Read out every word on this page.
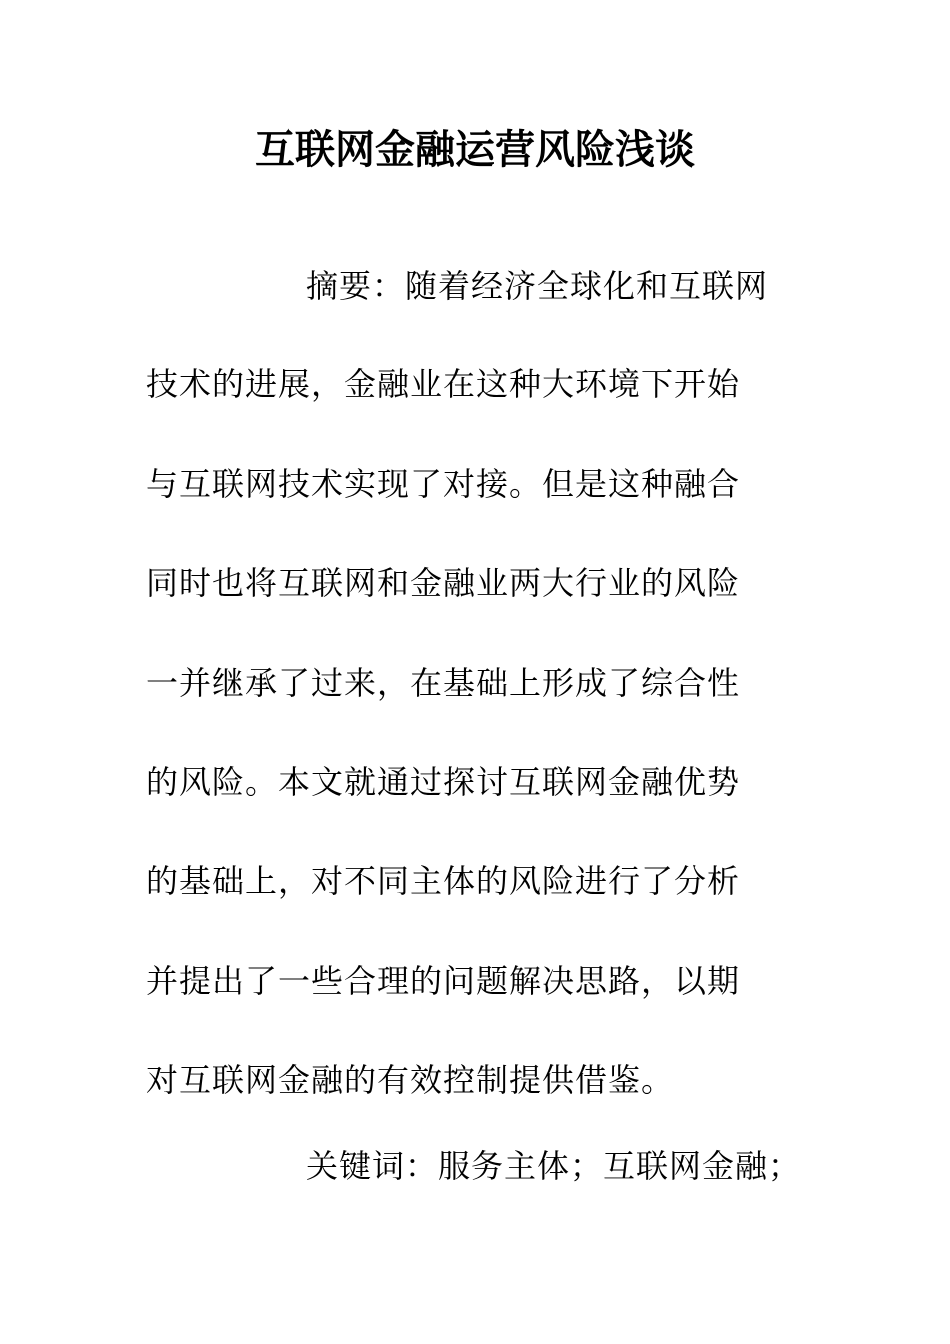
互联网金融运营风险浅谈
摘要：随着经济全球化和互联网
技术的进展，金融业在这种大环境下开始
与互联网技术实现了对接。但是这种融合
同时也将互联网和金融业两大行业的风险
一并继承了过来，在基础上形成了综合性
的风险。本文就通过探讨互联网金融优势
的基础上，对不同主体的风险进行了分析
并提出了一些合理的问题解决思路，以期
对互联网金融的有效控制提供借鉴。
关键词：服务主体；互联网金融；
